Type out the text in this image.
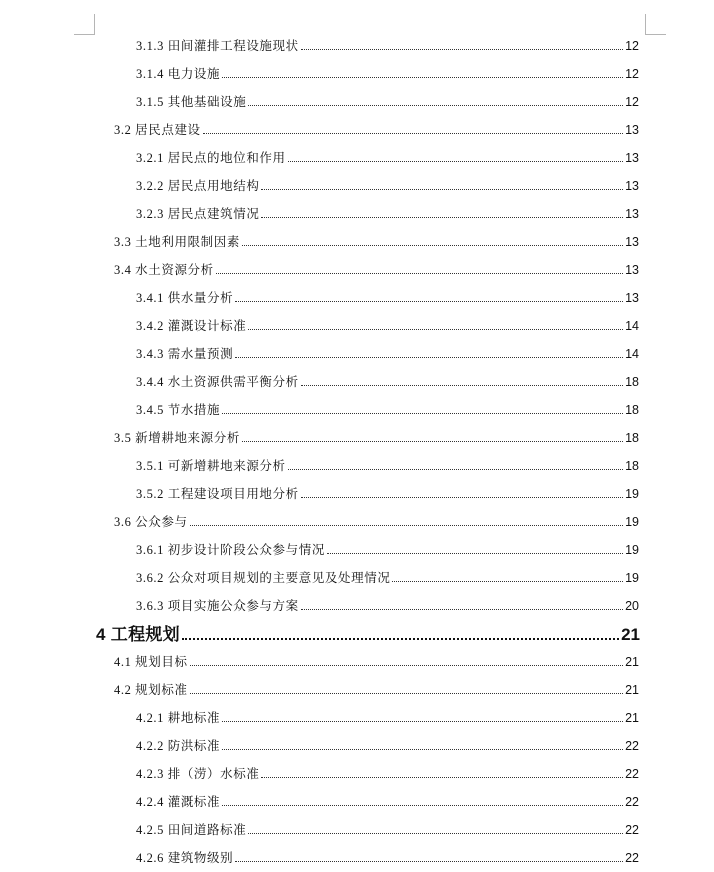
3.1.3 田间灌排工程设施现状	12
3.1.4 电力设施	12
3.1.5 其他基础设施	12
3.2 居民点建设	13
3.2.1 居民点的地位和作用	13
3.2.2 居民点用地结构	13
3.2.3 居民点建筑情况	13
3.3 土地利用限制因素	13
3.4 水土资源分析	13
3.4.1 供水量分析	13
3.4.2 灌溉设计标准	14
3.4.3 需水量预测	14
3.4.4 水土资源供需平衡分析	18
3.4.5 节水措施	18
3.5 新增耕地来源分析	18
3.5.1 可新增耕地来源分析	18
3.5.2 工程建设项目用地分析	19
3.6 公众参与	19
3.6.1 初步设计阶段公众参与情况	19
3.6.2 公众对项目规划的主要意见及处理情况	19
3.6.3 项目实施公众参与方案	20
4 工程规划	21
4.1 规划目标	21
4.2 规划标准	21
4.2.1 耕地标准	21
4.2.2 防洪标准	22
4.2.3 排（涝）水标准	22
4.2.4 灌溉标准	22
4.2.5 田间道路标准	22
4.2.6 建筑物级别	22
